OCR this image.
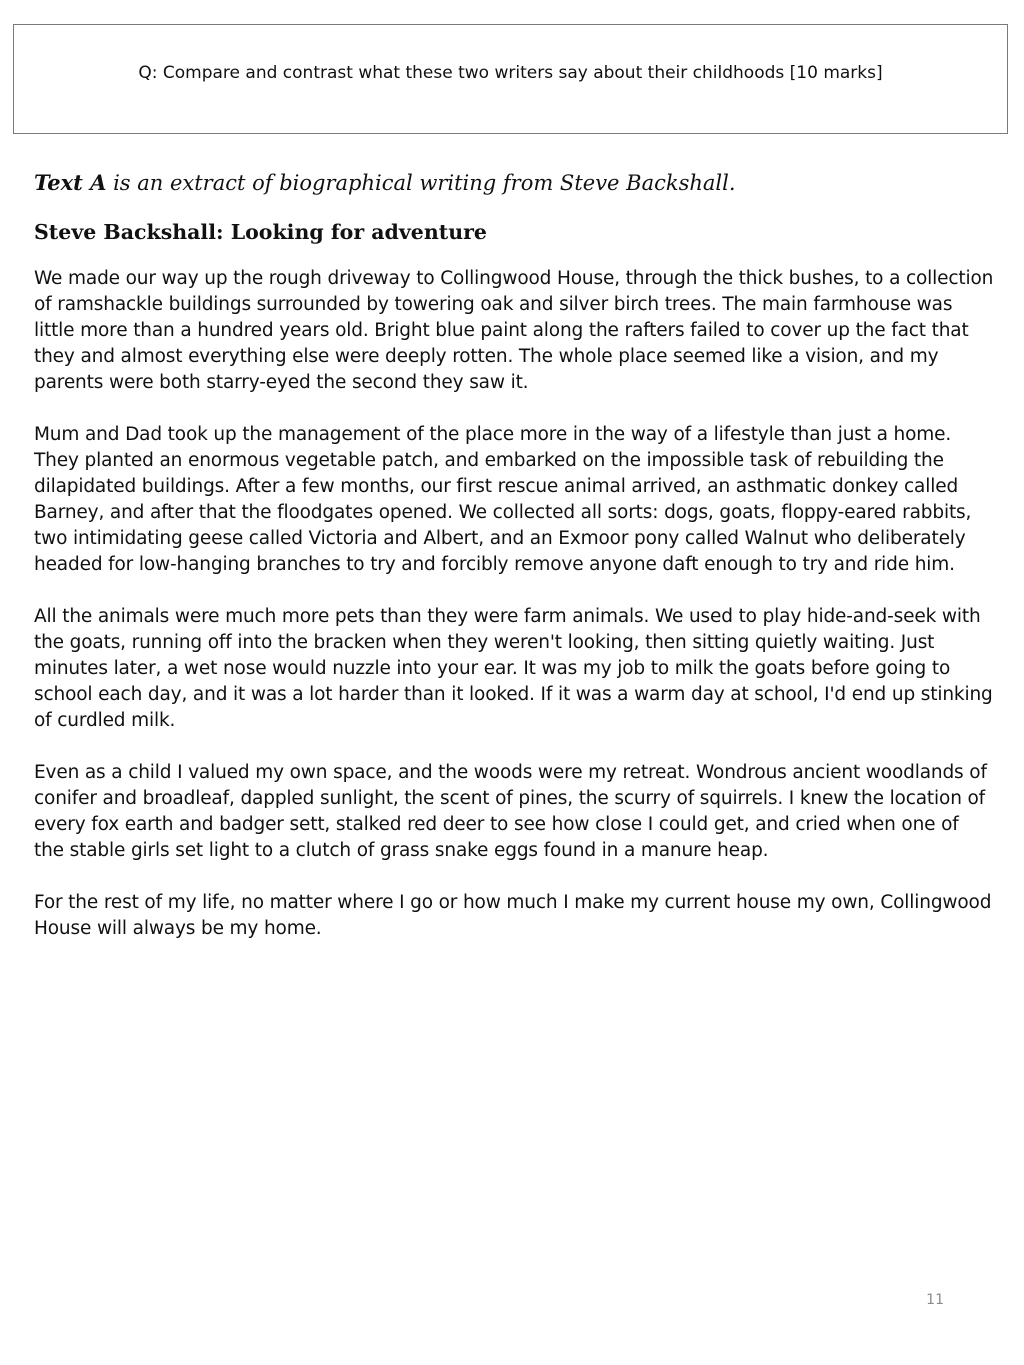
Q: Compare and contrast what these two writers say about their childhoods [10 marks]

Text A is an extract of biographical writing from Steve Backshall.

Steve Backshall: Looking for adventure

We made our way up the rough driveway to Collingwood House, through the thick bushes, to a collection of ramshackle buildings surrounded by towering oak and silver birch trees. The main farmhouse was little more than a hundred years old. Bright blue paint along the rafters failed to cover up the fact that they and almost everything else were deeply rotten. The whole place seemed like a vision, and my parents were both starry-eyed the second they saw it.

Mum and Dad took up the management of the place more in the way of a lifestyle than just a home. They planted an enormous vegetable patch, and embarked on the impossible task of rebuilding the dilapidated buildings. After a few months, our first rescue animal arrived, an asthmatic donkey called Barney, and after that the floodgates opened. We collected all sorts: dogs, goats, floppy-eared rabbits, two intimidating geese called Victoria and Albert, and an Exmoor pony called Walnut who deliberately headed for low-hanging branches to try and forcibly remove anyone daft enough to try and ride him.

All the animals were much more pets than they were farm animals. We used to play hide-and-seek with the goats, running off into the bracken when they weren't looking, then sitting quietly waiting. Just minutes later, a wet nose would nuzzle into your ear. It was my job to milk the goats before going to school each day, and it was a lot harder than it looked. If it was a warm day at school, I'd end up stinking of curdled milk.

Even as a child I valued my own space, and the woods were my retreat. Wondrous ancient woodlands of conifer and broadleaf, dappled sunlight, the scent of pines, the scurry of squirrels. I knew the location of every fox earth and badger sett, stalked red deer to see how close I could get, and cried when one of the stable girls set light to a clutch of grass snake eggs found in a manure heap.

For the rest of my life, no matter where I go or how much I make my current house my own, Collingwood House will always be my home.

11
